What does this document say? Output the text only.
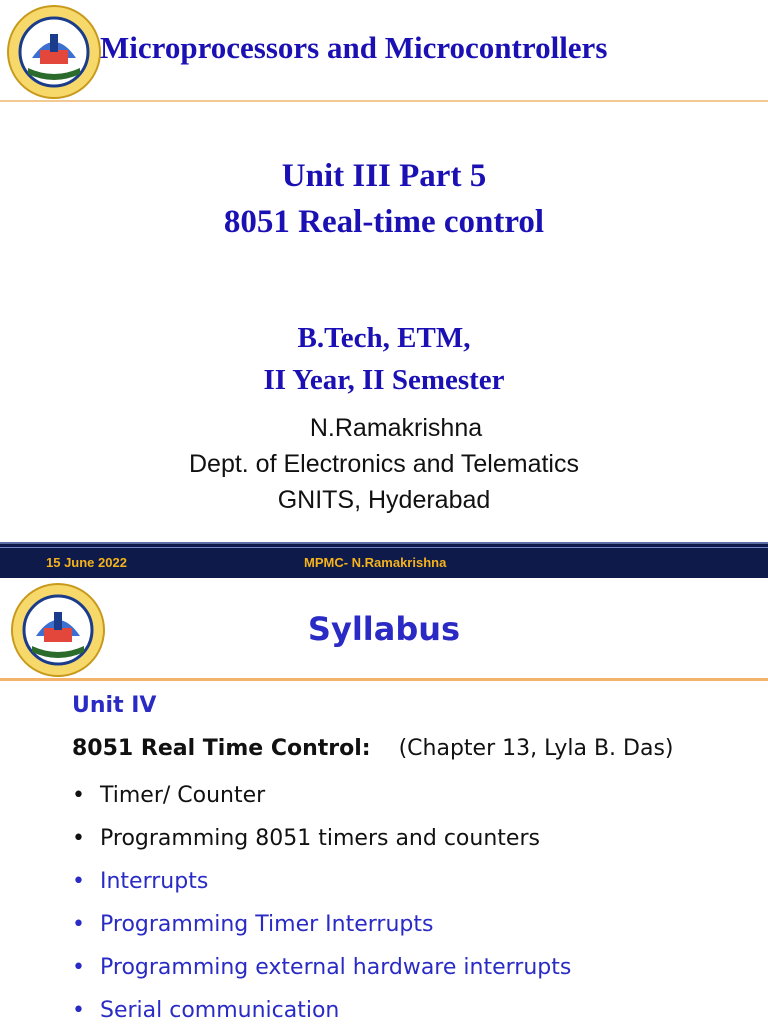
Microprocessors and Microcontrollers
Unit III Part 5
8051 Real-time control
B.Tech, ETM,
II Year, II Semester
N.Ramakrishna
Dept. of Electronics and Telematics
GNITS, Hyderabad
15 June 2022	MPMC- N.Ramakrishna
Syllabus
Unit IV
8051 Real Time Control: (Chapter 13, Lyla B. Das)
• Timer/ Counter
• Programming 8051 timers and counters
• Interrupts
• Programming Timer Interrupts
• Programming external hardware interrupts
• Serial communication
